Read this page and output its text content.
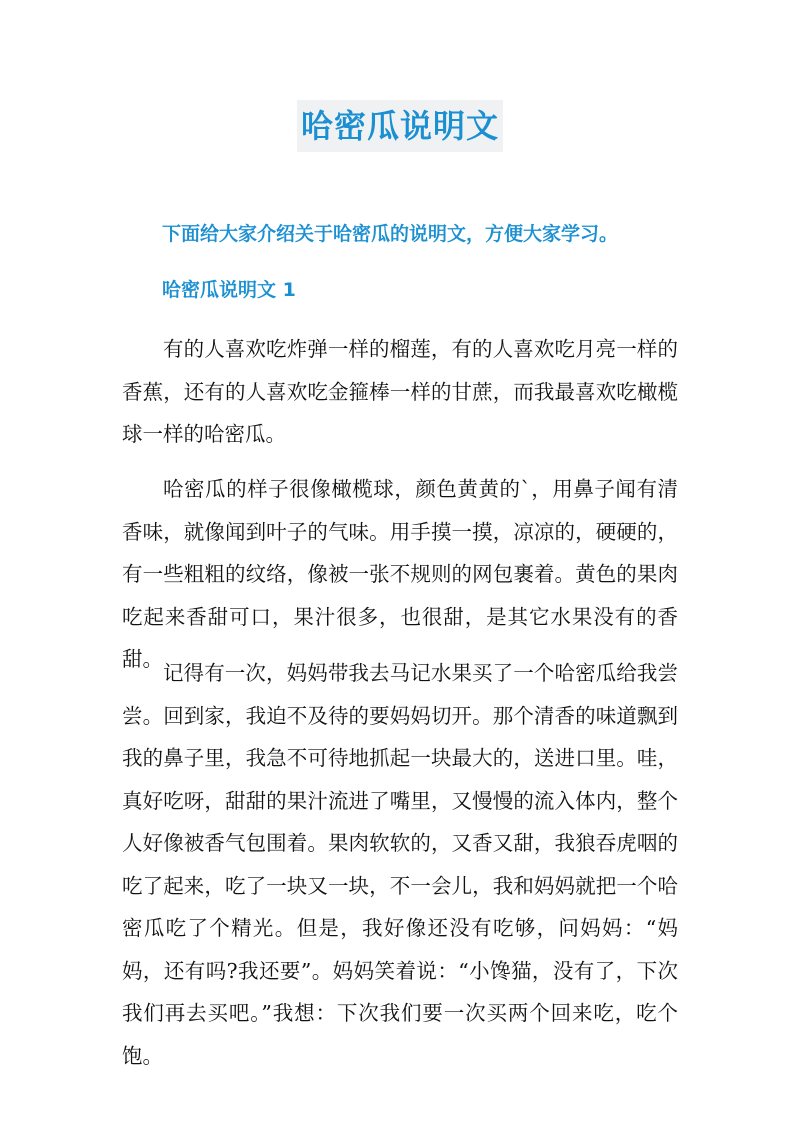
哈密瓜说明文
下面给大家介绍关于哈密瓜的说明文，方便大家学习。
哈密瓜说明文 1

有的人喜欢吃炸弹一样的榴莲，有的人喜欢吃月亮一样的香蕉，还有的人喜欢吃金箍棒一样的甘蔗，而我最喜欢吃橄榄球一样的哈密瓜。

哈密瓜的样子很像橄榄球，颜色黄黄的`，用鼻子闻有清香味，就像闻到叶子的气味。用手摸一摸，凉凉的，硬硬的，有一些粗粗的纹络，像被一张不规则的网包裹着。黄色的果肉吃起来香甜可口，果汁很多，也很甜，是其它水果没有的香甜。

记得有一次，妈妈带我去马记水果买了一个哈密瓜给我尝尝。回到家，我迫不及待的要妈妈切开。那个清香的味道飘到我的鼻子里，我急不可待地抓起一块最大的，送进口里。哇，真好吃呀，甜甜的果汁流进了嘴里，又慢慢的流入体内，整个人好像被香气包围着。果肉软软的，又香又甜，我狼吞虎咽的吃了起来，吃了一块又一块，不一会儿，我和妈妈就把一个哈密瓜吃了个精光。但是，我好像还没有吃够，问妈妈：“妈妈，还有吗?我还要”。妈妈笑着说：“小馋猫，没有了，下次我们再去买吧。”我想：下次我们要一次买两个回来吃，吃个饱。
